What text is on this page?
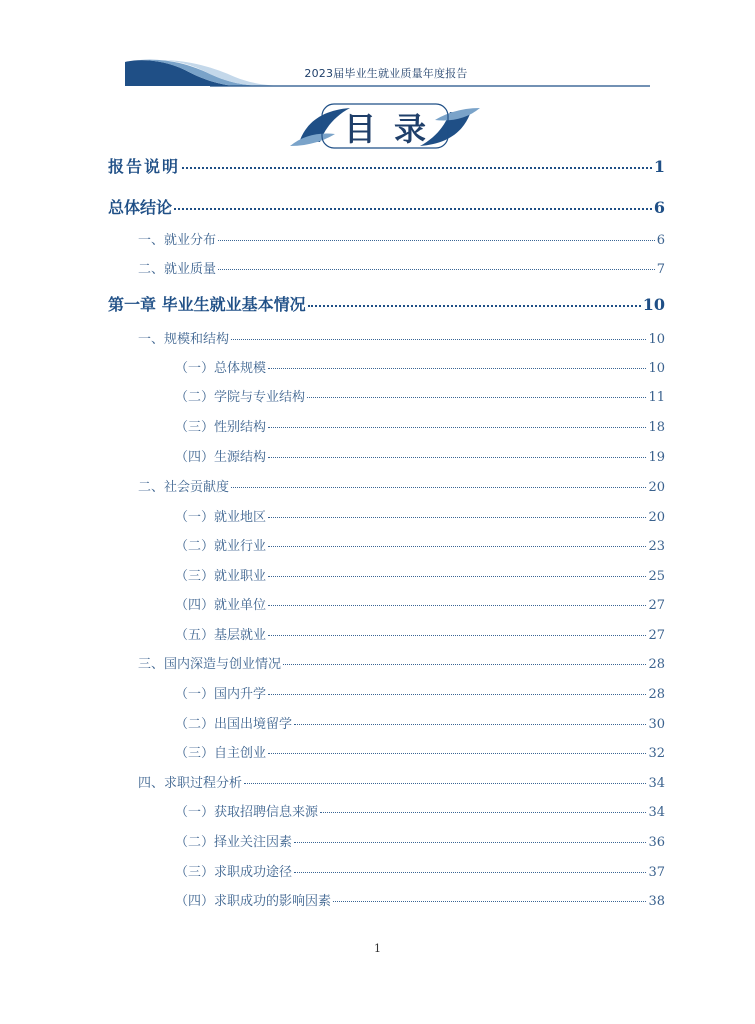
2023届毕业生就业质量年度报告
目录
报告说明	1
总体结论	6
一、就业分布	6
二、就业质量	7
第一章 毕业生就业基本情况	10
一、规模和结构	10
（一）总体规模	10
（二）学院与专业结构	11
（三）性别结构	18
（四）生源结构	19
二、社会贡献度	20
（一）就业地区	20
（二）就业行业	23
（三）就业职业	25
（四）就业单位	27
（五）基层就业	27
三、国内深造与创业情况	28
（一）国内升学	28
（二）出国出境留学	30
（三）自主创业	32
四、求职过程分析	34
（一）获取招聘信息来源	34
（二）择业关注因素	36
（三）求职成功途径	37
（四）求职成功的影响因素	38
1
